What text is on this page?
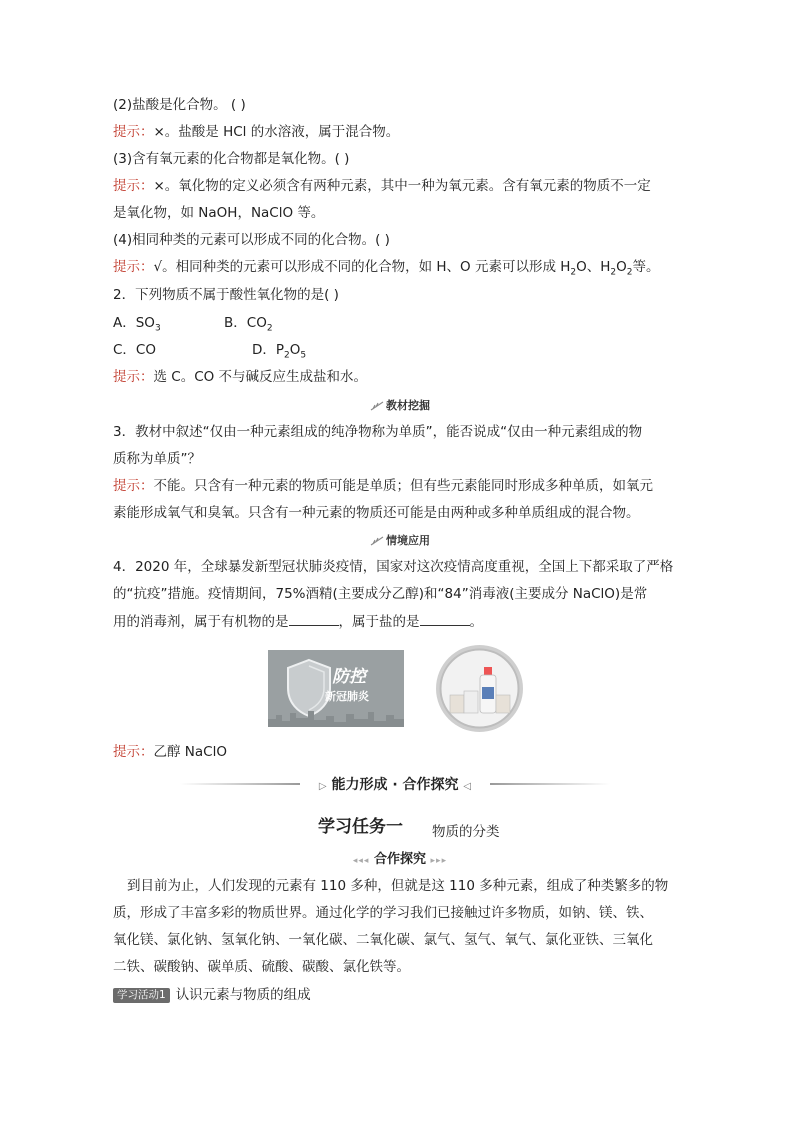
(2)盐酸是化合物。 ( )
提示：×。盐酸是 HCl 的水溶液，属于混合物。
(3)含有氧元素的化合物都是氧化物。( )
提示：×。氧化物的定义必须含有两种元素，其中一种为氧元素。含有氧元素的物质不一定
是氧化物，如 NaOH，NaClO 等。
(4)相同种类的元素可以形成不同的化合物。( )
提示：√。相同种类的元素可以形成不同的化合物，如 H、O 元素可以形成 $H_2O$、$H_2O_2$等。
2．下列物质不属于酸性氧化物的是( )
A．$SO_3$	B．$CO_2$
C．CO	D．$P_2O_5$
提示：选 C。CO 不与碱反应生成盐和水。
教材挖掘
3．教材中叙述“仅由一种元素组成的纯净物称为单质”，能否说成“仅由一种元素组成的物
质称为单质”？
提示：不能。只含有一种元素的物质可能是单质；但有些元素能同时形成多种单质，如氧元
素能形成氧气和臭氧。只含有一种元素的物质还可能是由两种或多种单质组成的混合物。
情境应用
4．2020 年，全球暴发新型冠状肺炎疫情，国家对这次疫情高度重视，全国上下都采取了严格
的“抗疫”措施。疫情期间，75%酒精(主要成分乙醇)和“84”消毒液(主要成分 NaClO)是常
用的消毒剂，属于有机物的是	，属于盐的是	。
防控
新冠肺炎
提示：乙醇 NaClO
▷ 能力形成 · 合作探究 ◁
学习任务一 物质的分类
◂◂◂ 合作探究 ▸▸▸
到目前为止，人们发现的元素有 110 多种，但就是这 110 多种元素，组成了种类繁多的物
质，形成了丰富多彩的物质世界。通过化学的学习我们已接触过许多物质，如钠、镁、铁、
氧化镁、氯化钠、氢氧化钠、一氧化碳、二氧化碳、氯气、氢气、氧气、氯化亚铁、三氧化
二铁、碳酸钠、碳单质、硫酸、碳酸、氯化铁等。
学习活动1 认识元素与物质的组成
